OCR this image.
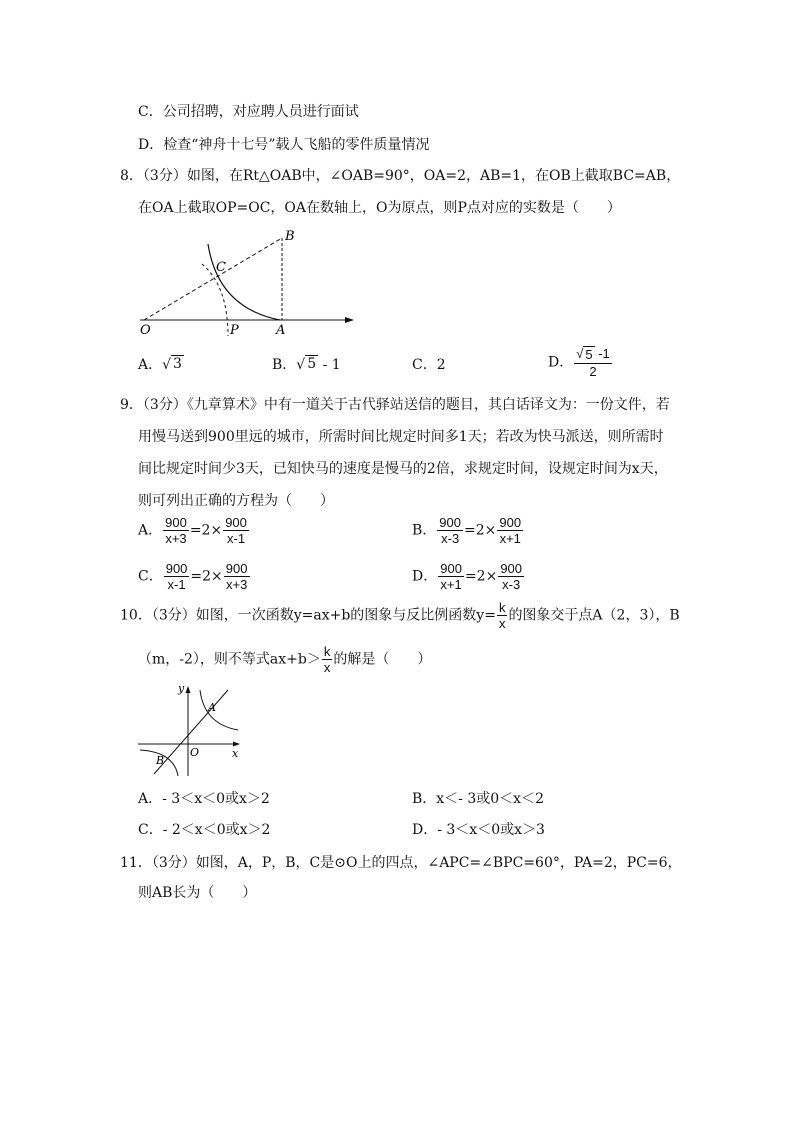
C．公司招聘，对应聘人员进行面试
D．检查“神舟十七号”载人飞船的零件质量情况
8．（3分）如图，在Rt△OAB中，∠OAB=90°，OA=2，AB=1，在OB上截取BC=AB，
在OA上截取OP=OC，OA在数轴上，O为原点，则P点对应的实数是（　　）
O	P	A
B
C
A．√ 3	B．√ 5 - 1	C．2	D． $\frac{√ 5 -1}{2}$
9．（3分）《九章算术》中有一道关于古代驿站送信的题目，其白话译文为：一份文件，若
用慢马送到900里远的城市，所需时间比规定时间多1天；若改为快马派送，则所需时
间比规定时间少3天，已知快马的速度是慢马的2倍，求规定时间，设规定时间为x天，
则可列出正确的方程为（　　）
A． $\frac{900}{x+3} =2\times \frac{900}{x-1}$	B． $\frac{900}{x-3} =2\times \frac{900}{x+1}$
C． $\frac{900}{x-1} =2\times \frac{900}{x+3}$	D． $\frac{900}{x+1} =2\times \frac{900}{x-3}$
10．（3分）如图，一次函数y=ax+b的图象与反比例函数$y= \frac{k}{x}$ 的图象交于点A（2，3），B
（m，-2），则不等式$ax+b> \frac{k}{x}$ 的解是（　　）
y
x
O
A
B
A．- 3＜x＜0或x＞2	B．x＜- 3或0＜x＜2
C．- 2＜x＜0或x＞2	D．- 3＜x＜0或x＞3
11．（3分）如图，A，P，B，C是⊙O上的四点，∠APC=∠BPC=60°，PA=2，PC=6，
则AB长为（　　）
